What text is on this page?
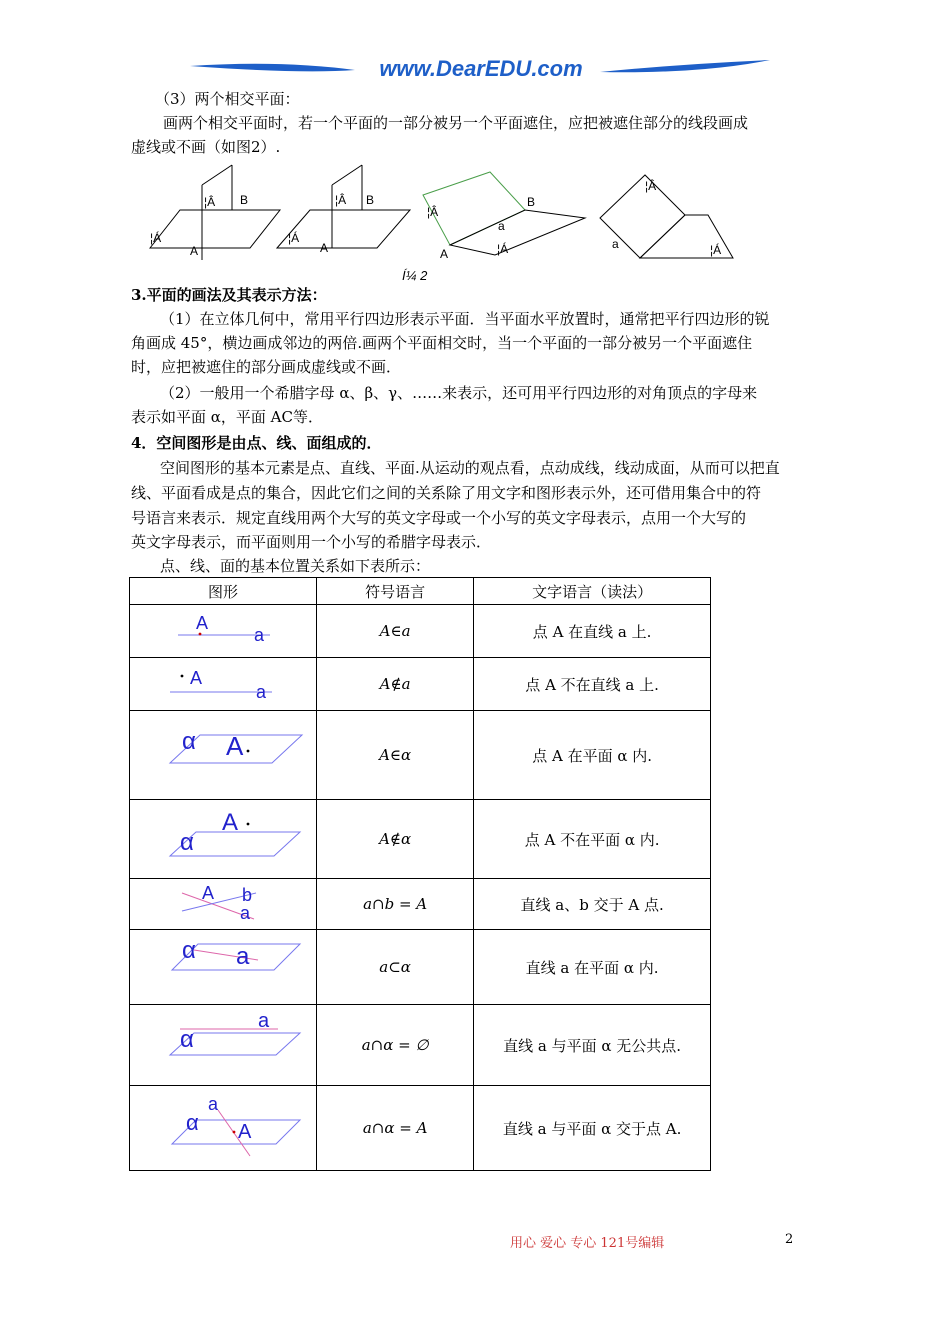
www.DearEDU.com
（3）两个相交平面：
画两个相交平面时，若一个平面的一部分被另一个平面遮住，应把被遮住部分的线段画成
虚线或不画（如图2）.
¦Â B
¦Á
A
¦Â B
¦Á
A
¦Â
B
a
A	¦Á
¦Â
a	¦Á
Í¼ 2
3.平面的画法及其表示方法：
（1）在立体几何中，常用平行四边形表示平面．当平面水平放置时，通常把平行四边形的锐
角画成 45°，横边画成邻边的两倍.画两个平面相交时，当一个平面的一部分被另一个平面遮住
时，应把被遮住的部分画成虚线或不画．
（2）一般用一个希腊字母 α、β、γ、……来表示，还可用平行四边形的对角顶点的字母来
表示如平面 α，平面 AC等．
4．空间图形是由点、线、面组成的．
空间图形的基本元素是点、直线、平面.从运动的观点看，点动成线，线动成面，从而可以把直
线、平面看成是点的集合，因此它们之间的关系除了用文字和图形表示外，还可借用集合中的符
号语言来表示．规定直线用两个大写的英文字母或一个小写的英文字母表示，点用一个大写的
英文字母表示，而平面则用一个小写的希腊字母表示．
点、线、面的基本位置关系如下表所示：
图形	符号语言	文字语言（读法）

A
a	A∈a	点 A 在直线 a 上.

A
a	A∉a	点 A 不在直线 a 上.

α A	A∈α	点 A 在平面 α 内.

A
α	A∉α	点 A 不在平面 α 内.

A b
a	a∩b = A	直线 a、b 交于 A 点.

α a	a⊂α	直线 a 在平面 α 内.

α
a	a∩α = ∅	直线 a 与平面 α 无公共点.

a
α A	a∩α = A	直线 a 与平面 α 交于点 A.
用心 爱心 专心 121号编辑	2
